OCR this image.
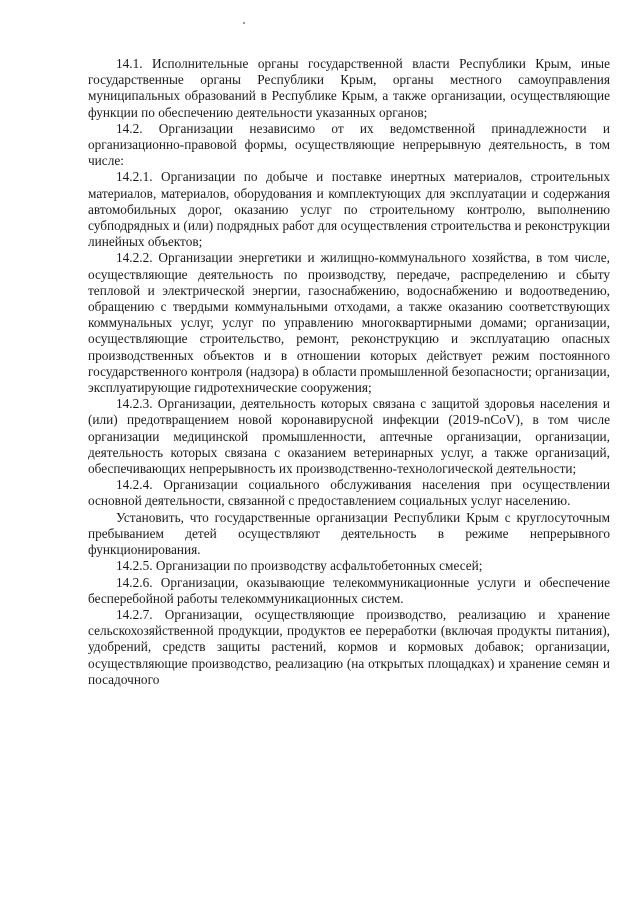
14.1. Исполнительные органы государственной власти Республики Крым, иные государственные органы Республики Крым, органы местного самоуправления муниципальных образований в Республике Крым, а также организации, осуществляющие функции по обеспечению деятельности указанных органов;

14.2. Организации независимо от их ведомственной принадлежности и организационно-правовой формы, осуществляющие непрерывную деятельность, в том числе:

14.2.1. Организации по добыче и поставке инертных материалов, строительных материалов, материалов, оборудования и комплектующих для эксплуатации и содержания автомобильных дорог, оказанию услуг по строительному контролю, выполнению субподрядных и (или) подрядных работ для осуществления строительства и реконструкции линейных объектов;

14.2.2. Организации энергетики и жилищно-коммунального хозяйства, в том числе, осуществляющие деятельность по производству, передаче, распределению и сбыту тепловой и электрической энергии, газоснабжению, водоснабжению и водоотведению, обращению с твердыми коммунальными отходами, а также оказанию соответствующих коммунальных услуг, услуг по управлению многоквартирными домами; организации, осуществляющие строительство, ремонт, реконструкцию и эксплуатацию опасных производственных объектов и в отношении которых действует режим постоянного государственного контроля (надзора) в области промышленной безопасности; организации, эксплуатирующие гидротехнические сооружения;

14.2.3. Организации, деятельность которых связана с защитой здоровья населения и (или) предотвращением новой коронавирусной инфекции (2019-nCoV), в том числе организации медицинской промышленности, аптечные организации, организации, деятельность которых связана с оказанием ветеринарных услуг, а также организаций, обеспечивающих непрерывность их производственно-технологической деятельности;

14.2.4. Организации социального обслуживания населения при осуществлении основной деятельности, связанной с предоставлением социальных услуг населению.

Установить, что государственные организации Республики Крым с круглосуточным пребыванием детей осуществляют деятельность в режиме непрерывного функционирования.

14.2.5. Организации по производству асфальтобетонных смесей;

14.2.6. Организации, оказывающие телекоммуникационные услуги и обеспечение бесперебойной работы телекоммуникационных систем.

14.2.7. Организации, осуществляющие производство, реализацию и хранение сельскохозяйственной продукции, продуктов ее переработки (включая продукты питания), удобрений, средств защиты растений, кормов и кормовых добавок; организации, осуществляющие производство, реализацию (на открытых площадках) и хранение семян и посадочного
